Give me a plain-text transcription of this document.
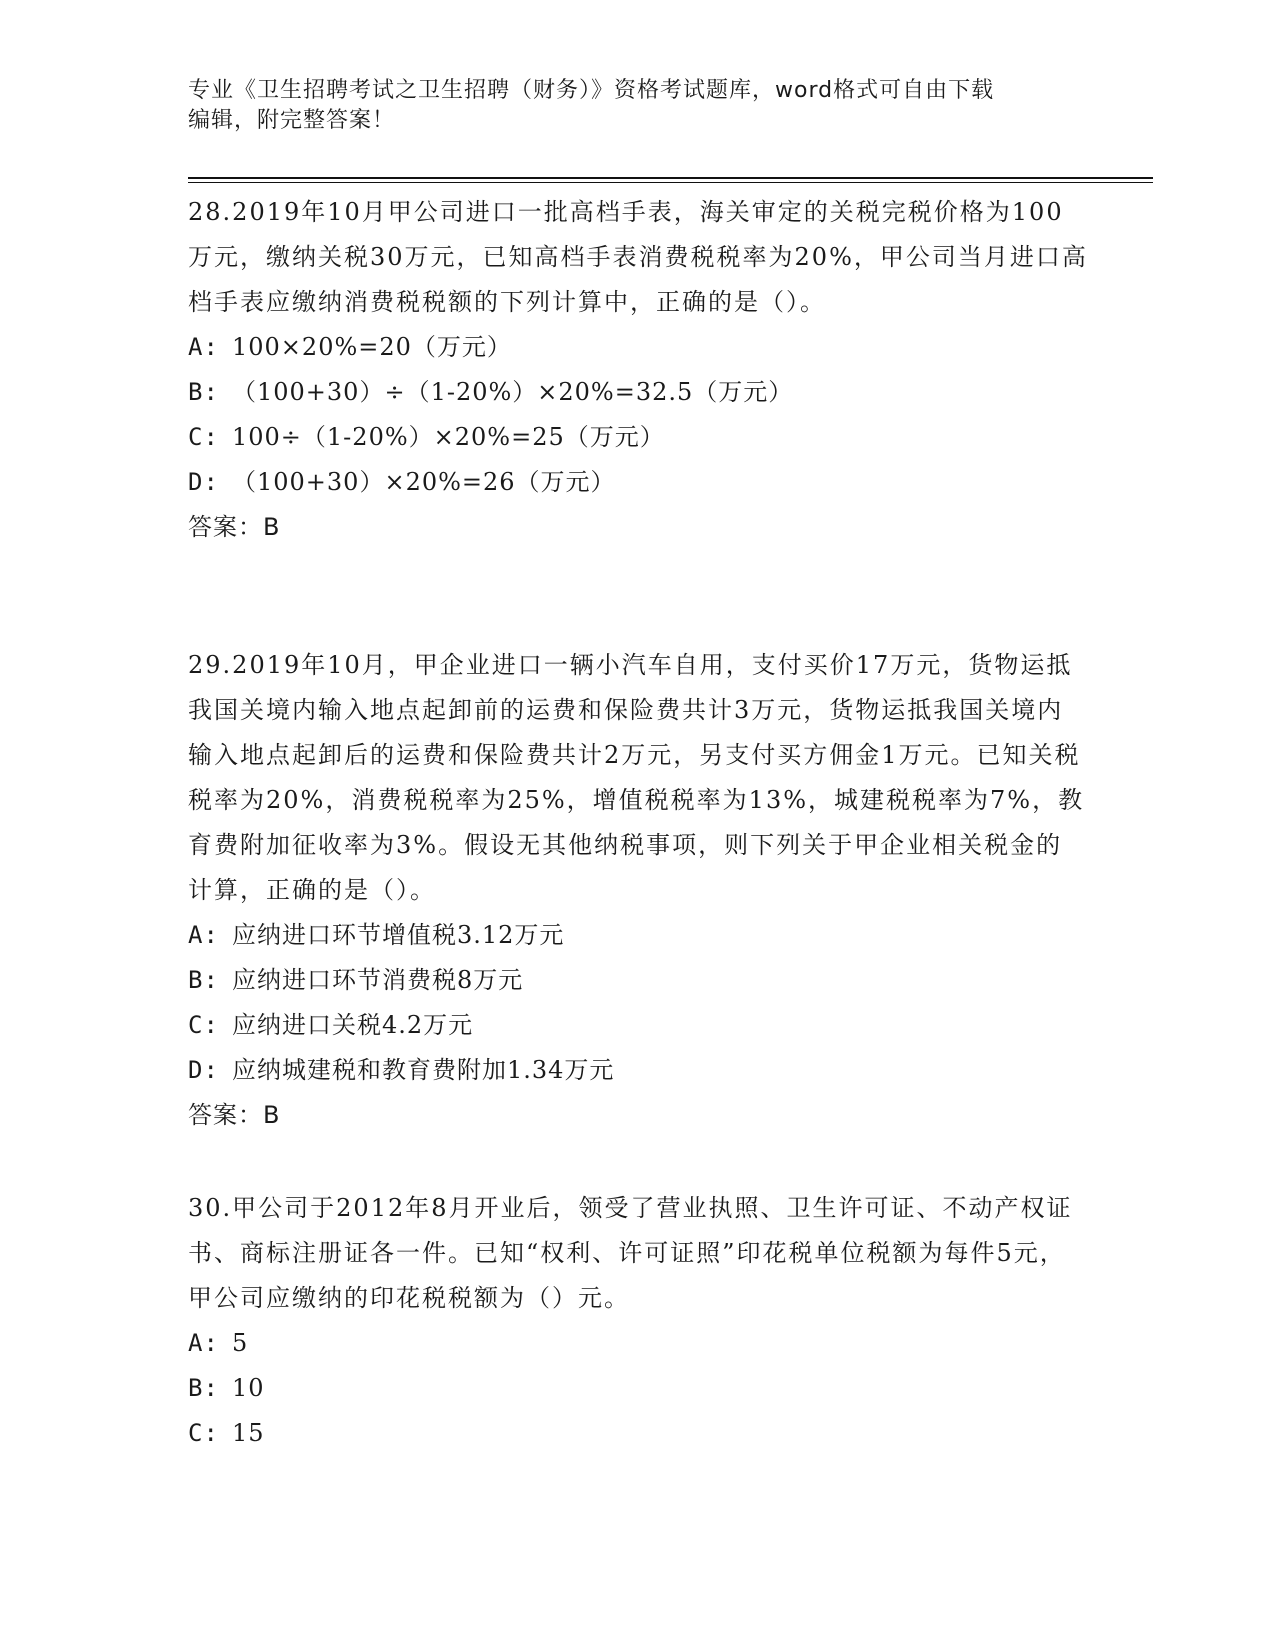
专业《卫生招聘考试之卫生招聘（财务）》资格考试题库，word格式可自由下载
编辑，附完整答案！

28.2019年10月甲公司进口一批高档手表，海关审定的关税完税价格为100万元，缴纳关税30万元，已知高档手表消费税税率为20%，甲公司当月进口高档手表应缴纳消费税税额的下列计算中，正确的是（）。

A: 100×20%=20（万元）
B: （100+30）÷（1-20%）×20%=32.5（万元）
C: 100÷（1-20%）×20%=25（万元）
D: （100+30）×20%=26（万元）
答案：B

29.2019年10月，甲企业进口一辆小汽车自用，支付买价17万元，货物运抵我国关境内输入地点起卸前的运费和保险费共计3万元，货物运抵我国关境内输入地点起卸后的运费和保险费共计2万元，另支付买方佣金1万元。已知关税税率为20%，消费税税率为25%，增值税税率为13%，城建税税率为7%，教育费附加征收率为3%。假设无其他纳税事项，则下列关于甲企业相关税金的计算，正确的是（）。

A: 应纳进口环节增值税3.12万元
B: 应纳进口环节消费税8万元
C: 应纳进口关税4.2万元
D: 应纳城建税和教育费附加1.34万元
答案：B

30.甲公司于2012年8月开业后，领受了营业执照、卫生许可证、不动产权证书、商标注册证各一件。已知“权利、许可证照”印花税单位税额为每件5元，甲公司应缴纳的印花税税额为（）元。

A: 5
B: 10
C: 15
